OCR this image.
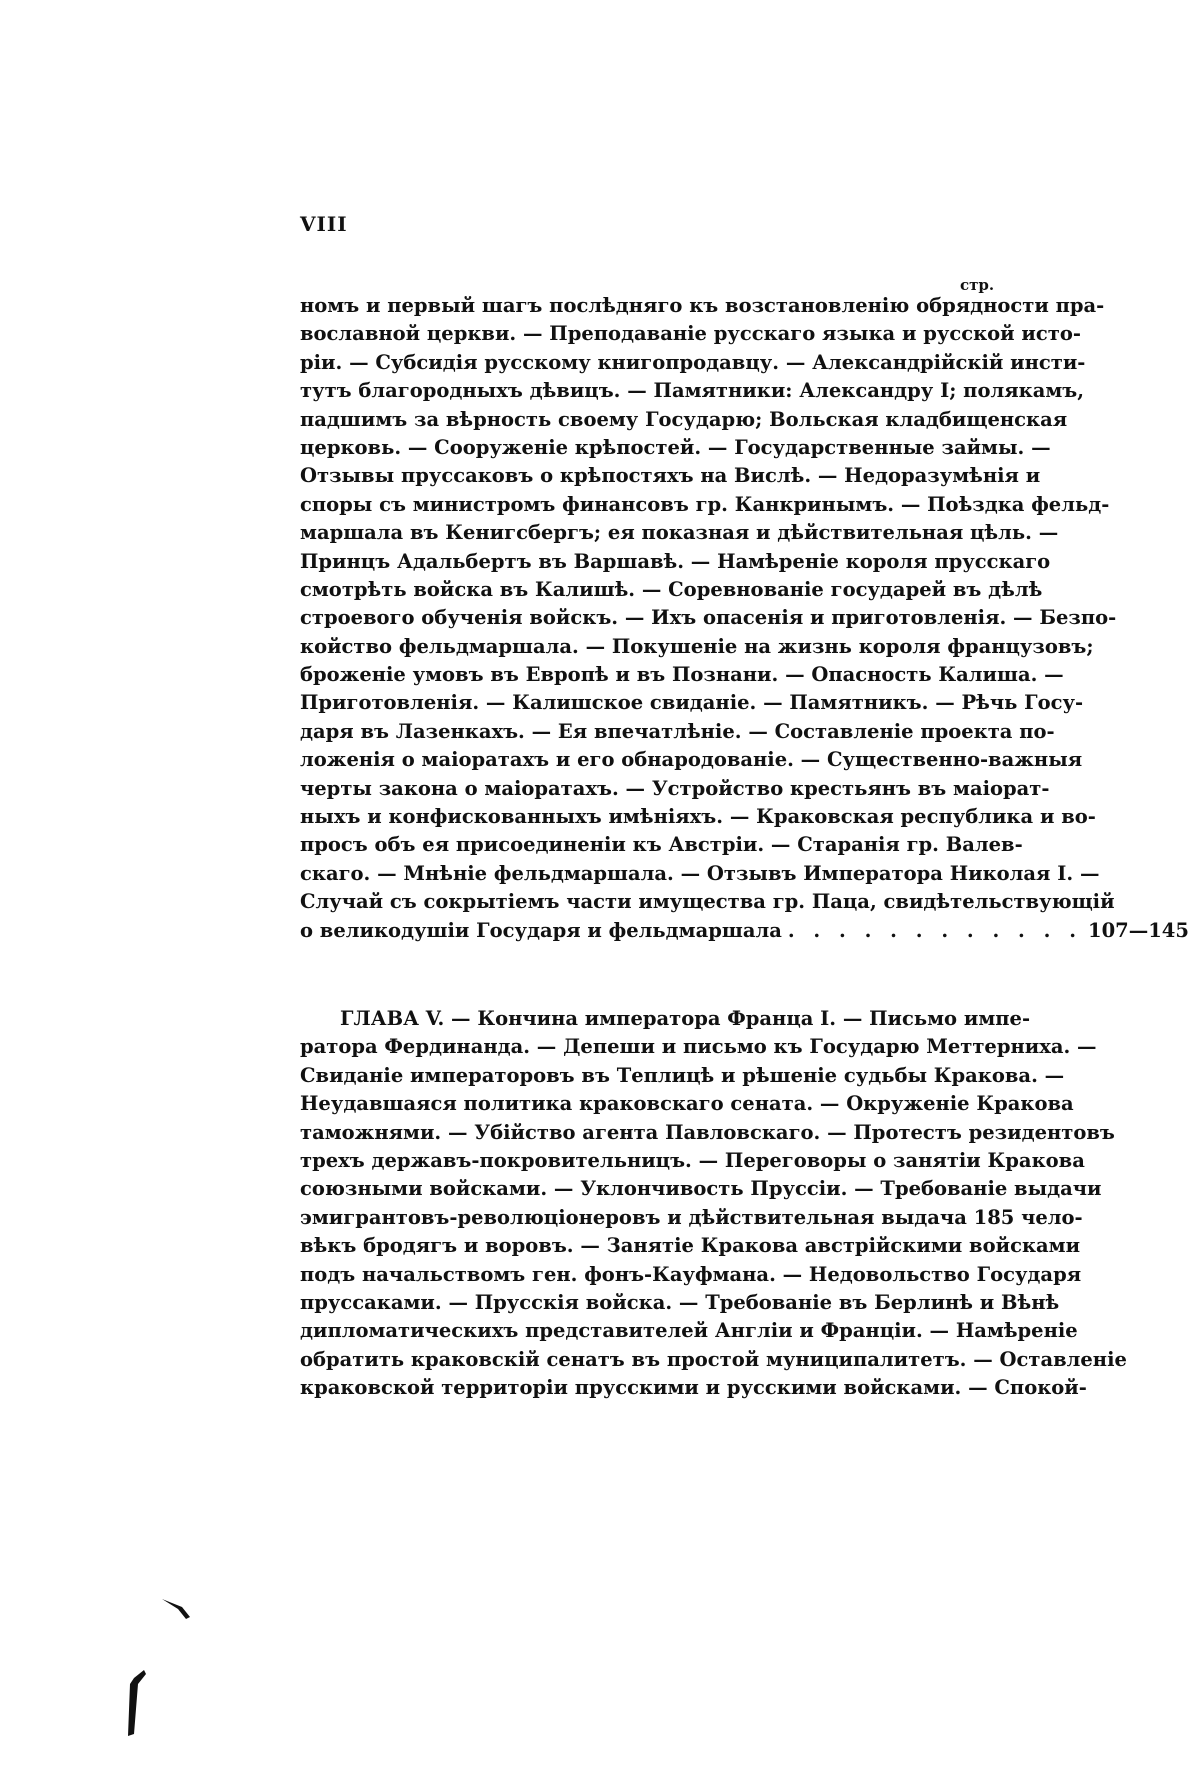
VIII
стр.
номъ и первый шагъ послѣдняго къ возстановленію обрядности пра-
вославной церкви. — Преподаваніе русскаго языка и русской исто-
ріи. — Субсидія русскому книгопродавцу. — Александрійскій инсти-
тутъ благородныхъ дѣвицъ. — Памятники: Александру I; полякамъ,
падшимъ за вѣрность своему Государю; Вольская кладбищенская
церковь. — Сооруженіе крѣпостей. — Государственные займы. —
Отзывы пруссаковъ о крѣпостяхъ на Вислѣ. — Недоразумѣнія и
споры съ министромъ финансовъ гр. Канкринымъ. — Поѣздка фельд-
маршала въ Кенигсбергъ; ея показная и дѣйствительная цѣль. —
Принцъ Адальбертъ въ Варшавѣ. — Намѣреніе короля прусскаго
смотрѣть войска въ Калишѣ. — Соревнованіе государей въ дѣлѣ
строевого обученія войскъ. — Ихъ опасенія и приготовленія. — Безпо-
койство фельдмаршала. — Покушеніе на жизнь короля французовъ;
броженіе умовъ въ Европѣ и въ Познани. — Опасность Калиша. —
Приготовленія. — Калишское свиданіе. — Памятникъ. — Рѣчь Госу-
даря въ Лазенкахъ. — Ея впечатлѣніе. — Составленіе проекта по-
ложенія о маіоратахъ и его обнародованіе. — Существенно-важныя
черты закона о маіоратахъ. — Устройство крестьянъ въ маіорат-
ныхъ и конфискованныхъ имѣніяхъ. — Краковская республика и во-
просъ объ ея присоединеніи къ Австріи. — Старанія гр. Валев-
скаго. — Мнѣніе фельдмаршала. — Отзывъ Императора Николая I. —
Случай съ сокрытіемъ части имущества гр. Паца, свидѣтельствующій
о великодушіи Государя и фельдмаршала . . . . . . . . . . . . 107—145
ГЛАВА V. — Кончина императора Франца I. — Письмо импе-
ратора Фердинанда. — Депеши и письмо къ Государю Меттерниха. —
Свиданіе императоровъ въ Теплицѣ и рѣшеніе судьбы Кракова. —
Неудавшаяся политика краковскаго сената. — Окруженіе Кракова
таможнями. — Убійство агента Павловскаго. — Протестъ резидентовъ
трехъ державъ-покровительницъ. — Переговоры о занятіи Кракова
союзными войсками. — Уклончивость Пруссіи. — Требованіе выдачи
эмигрантовъ-революціонеровъ и дѣйствительная выдача 185 чело-
вѣкъ бродягъ и воровъ. — Занятіе Кракова австрійскими войсками
подъ начальствомъ ген. фонъ-Кауфмана. — Недовольство Государя
пруссаками. — Прусскія войска. — Требованіе въ Берлинѣ и Вѣнѣ
дипломатическихъ представителей Англіи и Франціи. — Намѣреніе
обратить краковскій сенатъ въ простой муниципалитетъ. — Оставленіе
краковской территоріи прусскими и русскими войсками. — Спокой-
